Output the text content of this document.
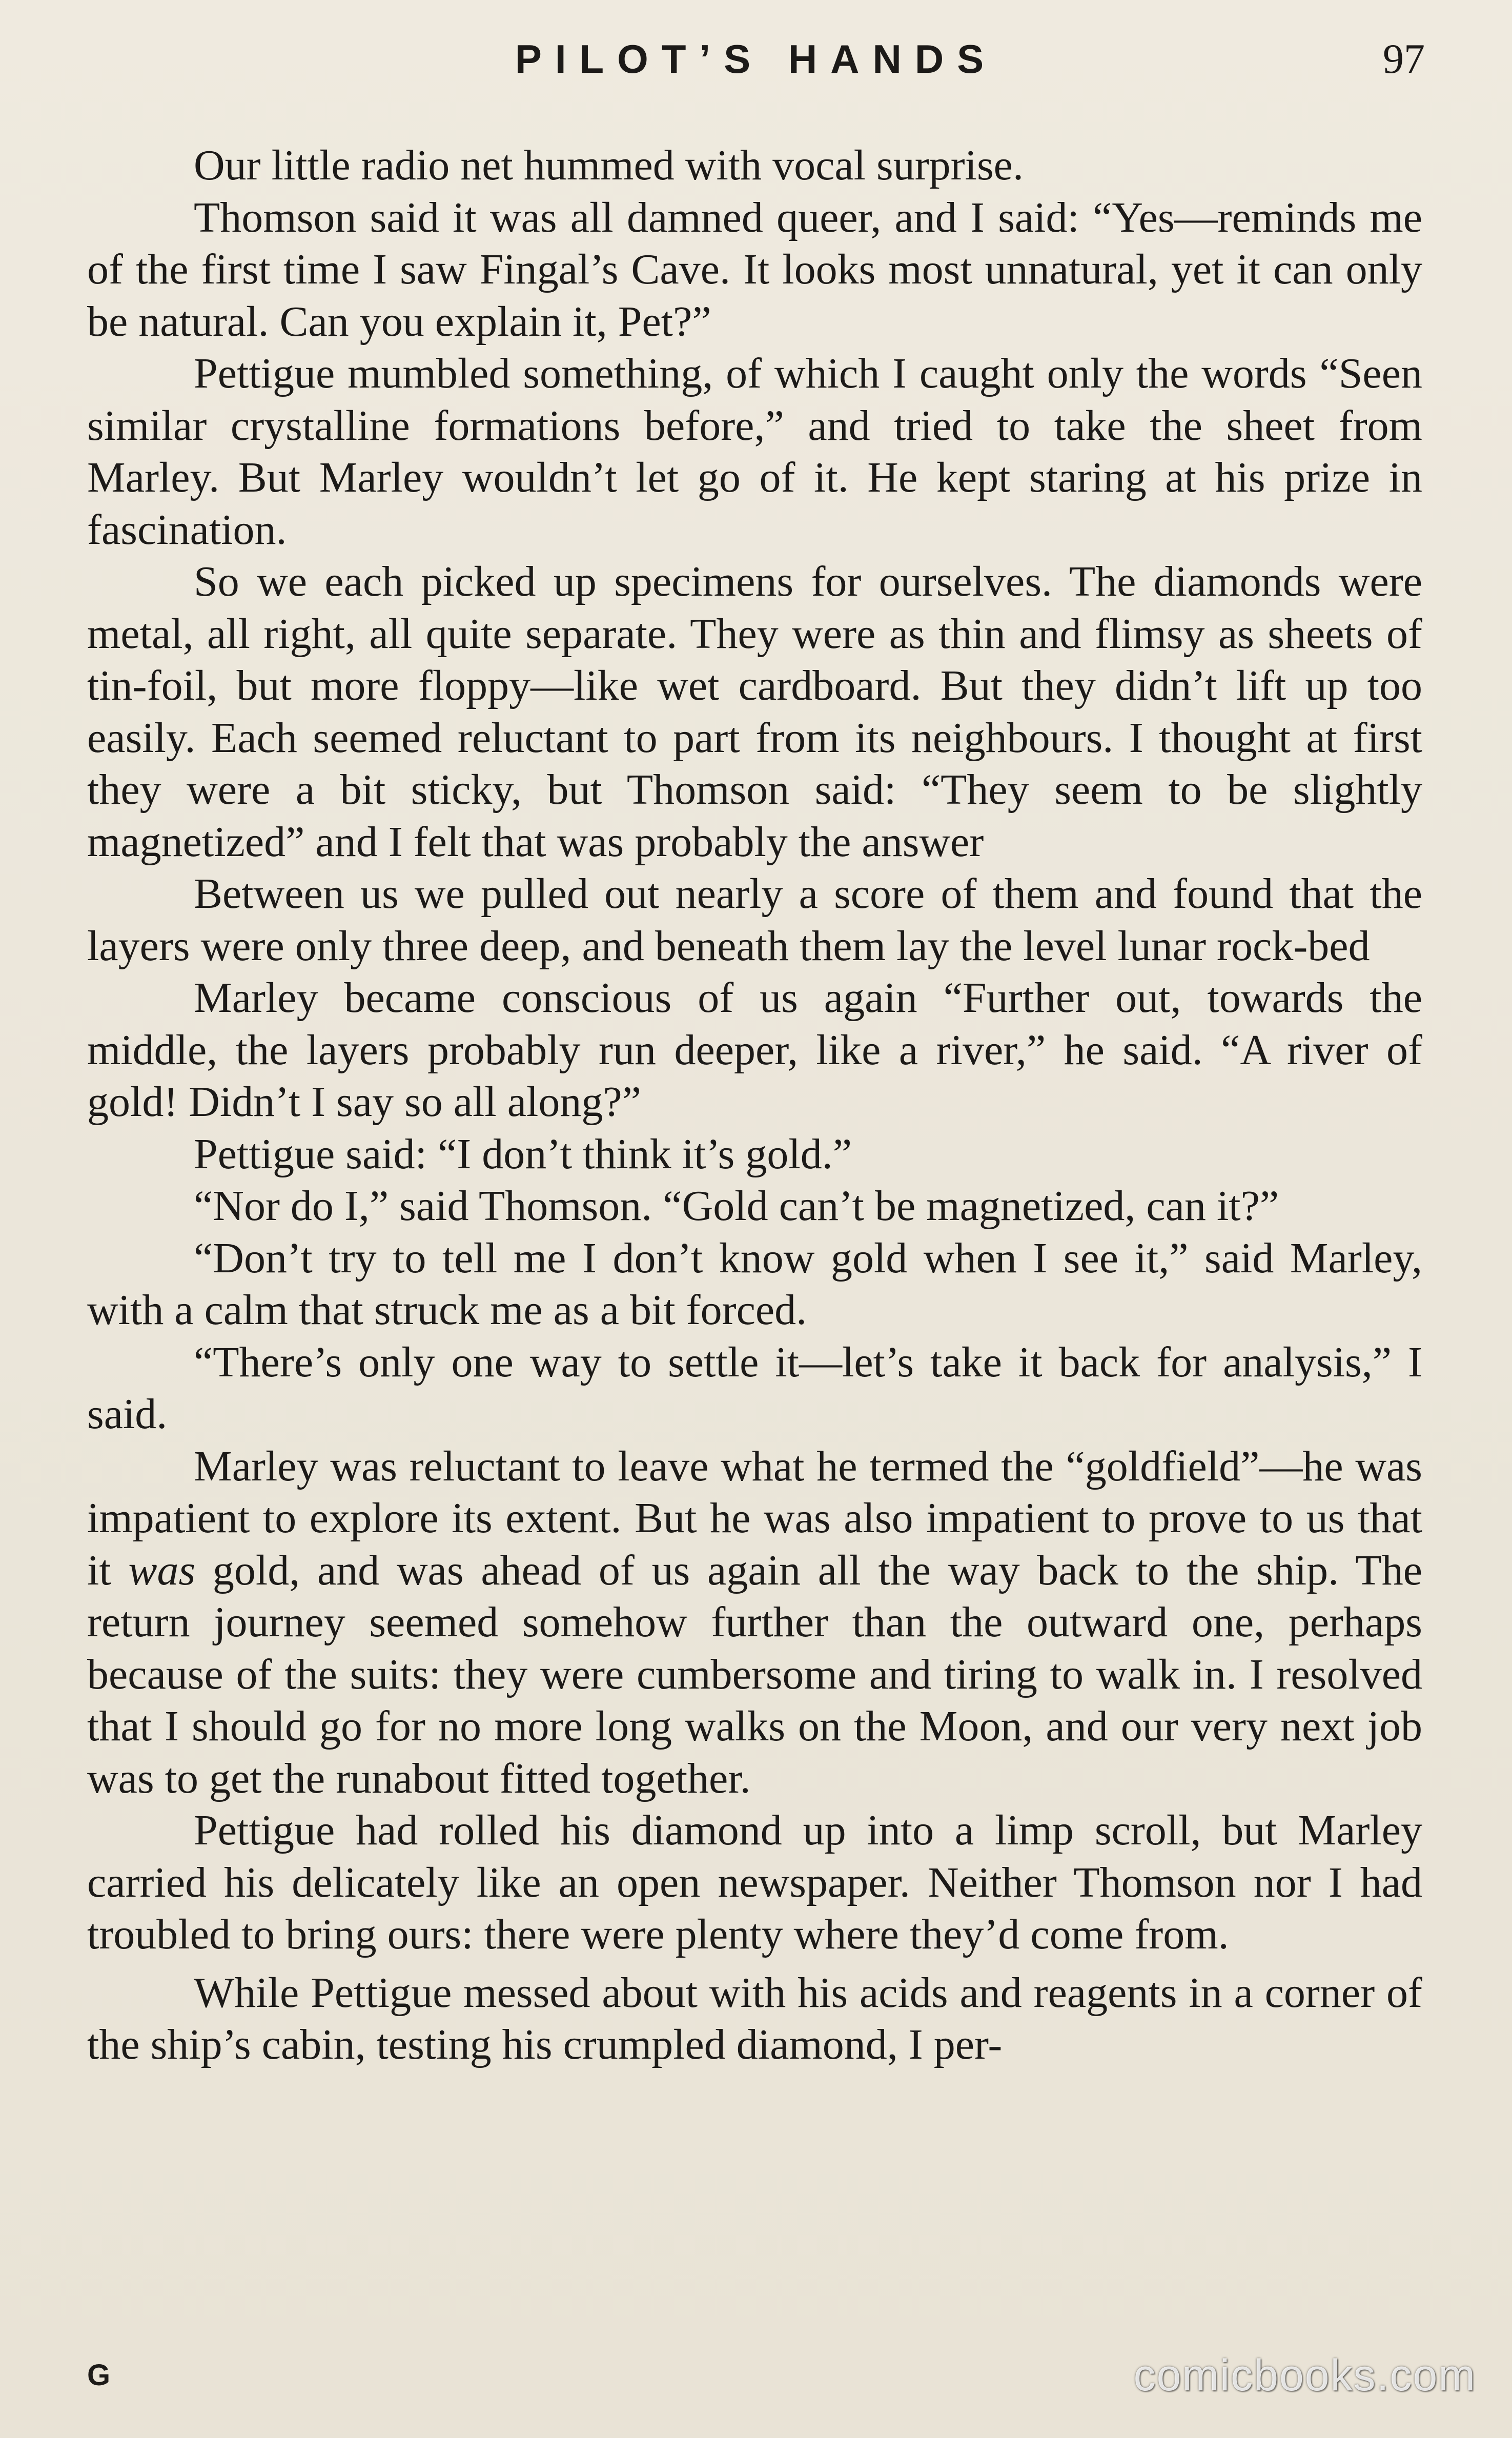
PILOT’S HANDS	97

Our little radio net hummed with vocal surprise.

Thomson said it was all damned queer, and I said: “Yes—reminds me of the first time I saw Fingal’s Cave. It looks most unnatural, yet it can only be natural. Can you explain it, Pet?”

Pettigue mumbled something, of which I caught only the words “Seen similar crystalline formations before,” and tried to take the sheet from Marley. But Marley wouldn’t let go of it. He kept staring at his prize in fascination.

So we each picked up specimens for ourselves. The diamonds were metal, all right, all quite separate. They were as thin and flimsy as sheets of tin-foil, but more floppy—like wet cardboard. But they didn’t lift up too easily. Each seemed reluctant to part from its neighbours. I thought at first they were a bit sticky, but Thomson said: “They seem to be slightly magnetized” and I felt that was probably the answer

Between us we pulled out nearly a score of them and found that the layers were only three deep, and beneath them lay the level lunar rock-bed

Marley became conscious of us again “Further out, towards the middle, the layers probably run deeper, like a river,” he said. “A river of gold! Didn’t I say so all along?”

Pettigue said: “I don’t think it’s gold.”

“Nor do I,” said Thomson. “Gold can’t be magnetized, can it?”

“Don’t try to tell me I don’t know gold when I see it,” said Marley, with a calm that struck me as a bit forced.

“There’s only one way to settle it—let’s take it back for analysis,” I said.

Marley was reluctant to leave what he termed the “goldfield”—he was impatient to explore its extent. But he was also impatient to prove to us that it was gold, and was ahead of us again all the way back to the ship. The return journey seemed somehow further than the outward one, perhaps because of the suits: they were cumbersome and tiring to walk in. I resolved that I should go for no more long walks on the Moon, and our very next job was to get the runabout fitted together.

Pettigue had rolled his diamond up into a limp scroll, but Marley carried his delicately like an open newspaper. Neither Thomson nor I had troubled to bring ours: there were plenty where they’d come from.

While Pettigue messed about with his acids and reagents in a corner of the ship’s cabin, testing his crumpled diamond, I per-

G	comicbooks.com
